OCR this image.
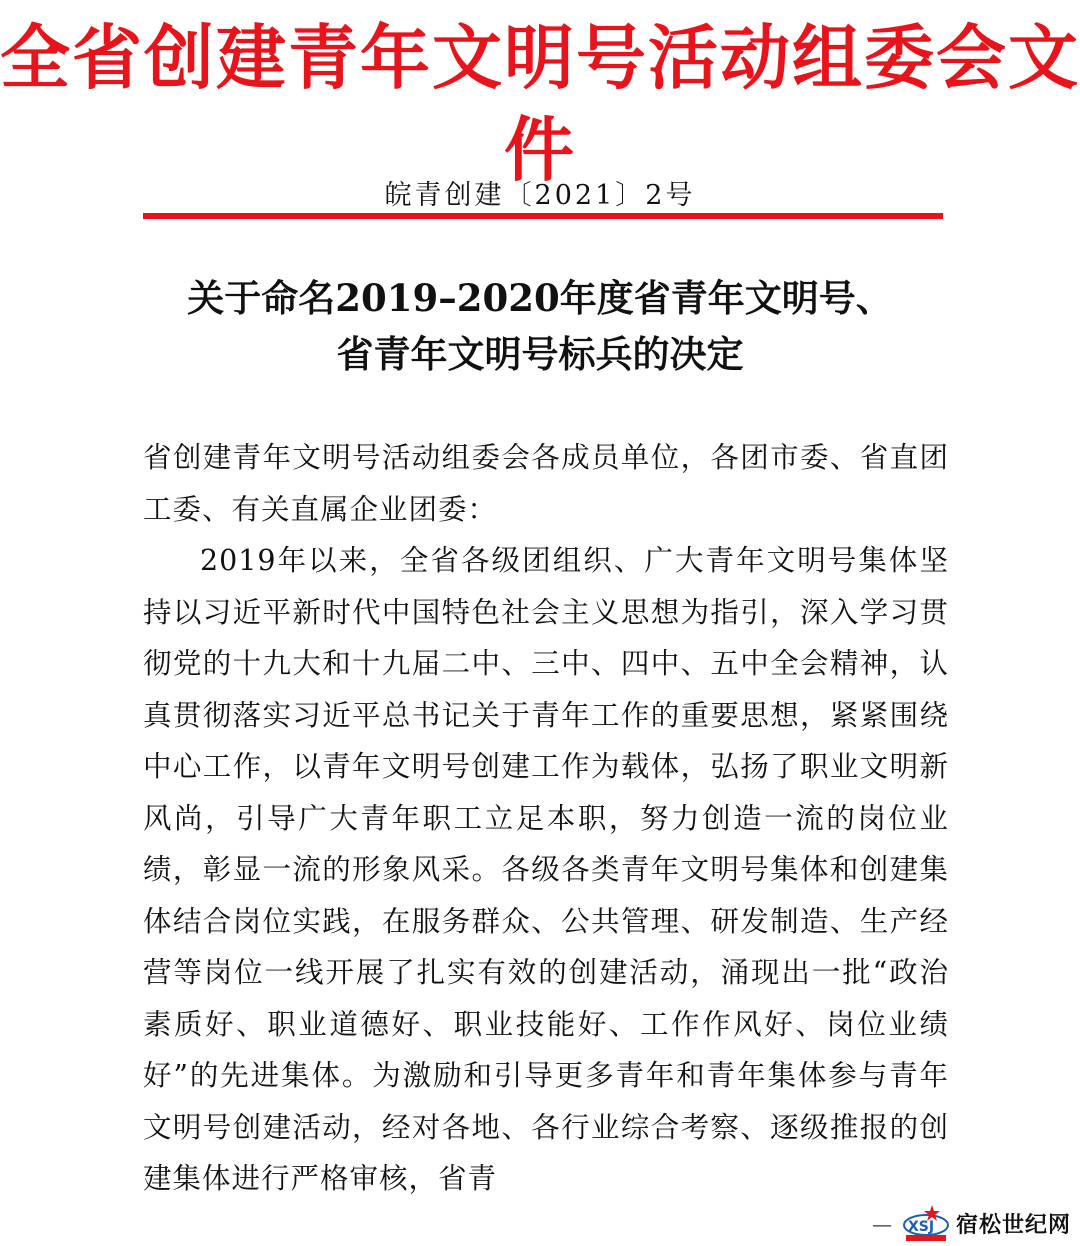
全省创建青年文明号活动组委会文件
皖青创建〔2021〕2号
关于命名2019–2020年度省青年文明号、
省青年文明号标兵的决定

省创建青年文明号活动组委会各成员单位，各团市委、省直团工委、有关直属企业团委：

2019年以来，全省各级团组织、广大青年文明号集体坚持以习近平新时代中国特色社会主义思想为指引，深入学习贯彻党的十九大和十九届二中、三中、四中、五中全会精神，认真贯彻落实习近平总书记关于青年工作的重要思想，紧紧围绕中心工作，以青年文明号创建工作为载体，弘扬了职业文明新风尚，引导广大青年职工立足本职，努力创造一流的岗位业绩，彰显一流的形象风采。各级各类青年文明号集体和创建集体结合岗位实践，在服务群众、公共管理、研发制造、生产经营等岗位一线开展了扎实有效的创建活动，涌现出一批“政治素质好、职业道德好、职业技能好、工作作风好、岗位业绩好”的先进集体。为激励和引导更多青年和青年集体参与青年文明号创建活动，经对各地、各行业综合考察、逐级推报的创建集体进行严格审核，省青

— XSJ 宿松世纪网
